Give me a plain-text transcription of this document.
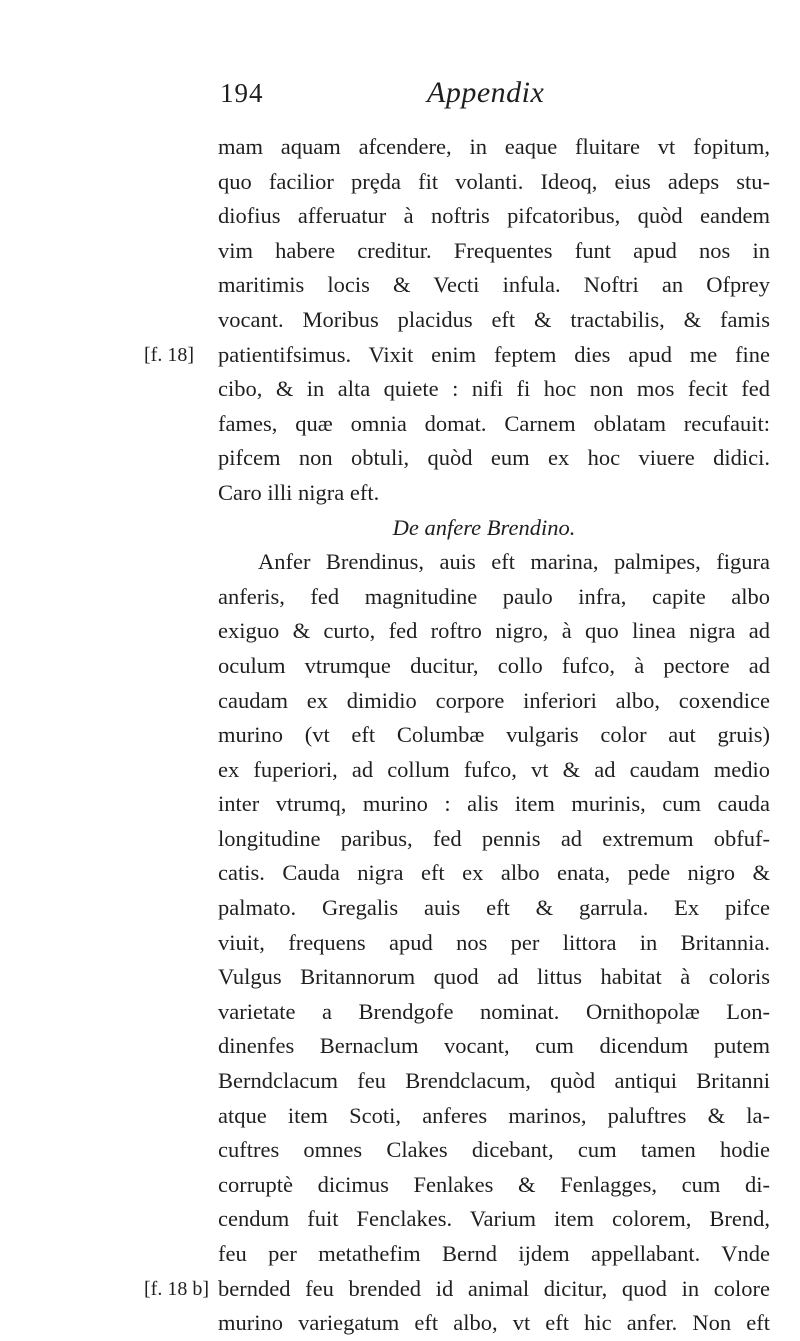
194	Appendix
mam aquam afcendere, in eaque fluitare vt fopitum,
quo facilior prȩda fit volanti. Ideoq, eius adeps stu-
diofius afferuatur à noftris pifcatoribus, quòd eandem
vim habere creditur. Frequentes funt apud nos in
maritimis locis & Vecti infula. Noftri an Ofprey
vocant. Moribus placidus eft & tractabilis, & famis
[f. 18] patientifsimus. Vixit enim feptem dies apud me fine
cibo, & in alta quiete : nifi fi hoc non mos fecit fed
fames, quæ omnia domat. Carnem oblatam recufauit:
pifcem non obtuli, quòd eum ex hoc viuere didici.
Caro illi nigra eft.
De anfere Brendino.
Anfer Brendinus, auis eft marina, palmipes, figura
anferis, fed magnitudine paulo infra, capite albo
exiguo & curto, fed roftro nigro, à quo linea nigra ad
oculum vtrumque ducitur, collo fufco, à pectore ad
caudam ex dimidio corpore inferiori albo, coxendice
murino (vt eft Columbæ vulgaris color aut gruis)
ex fuperiori, ad collum fufco, vt & ad caudam medio
inter vtrumq, murino : alis item murinis, cum cauda
longitudine paribus, fed pennis ad extremum obfuf-
catis. Cauda nigra eft ex albo enata, pede nigro &
palmato. Gregalis auis eft & garrula. Ex pifce
viuit, frequens apud nos per littora in Britannia.
Vulgus Britannorum quod ad littus habitat à coloris
varietate a Brendgofe nominat. Ornithopolæ Lon-
dinenfes Bernaclum vocant, cum dicendum putem
Berndclacum feu Brendclacum, quòd antiqui Britanni
atque item Scoti, anferes marinos, paluftres & la-
cuftres omnes Clakes dicebant, cum tamen hodie
corruptè dicimus Fenlakes & Fenlagges, cum di-
cendum fuit Fenclakes. Varium item colorem, Brend,
feu per metathefim Bernd ijdem appellabant. Vnde
[f. 18 b] bernded feu brended id animal dicitur, quod in colore
murino variegatum eft albo, vt eft hic anfer. Non eft
